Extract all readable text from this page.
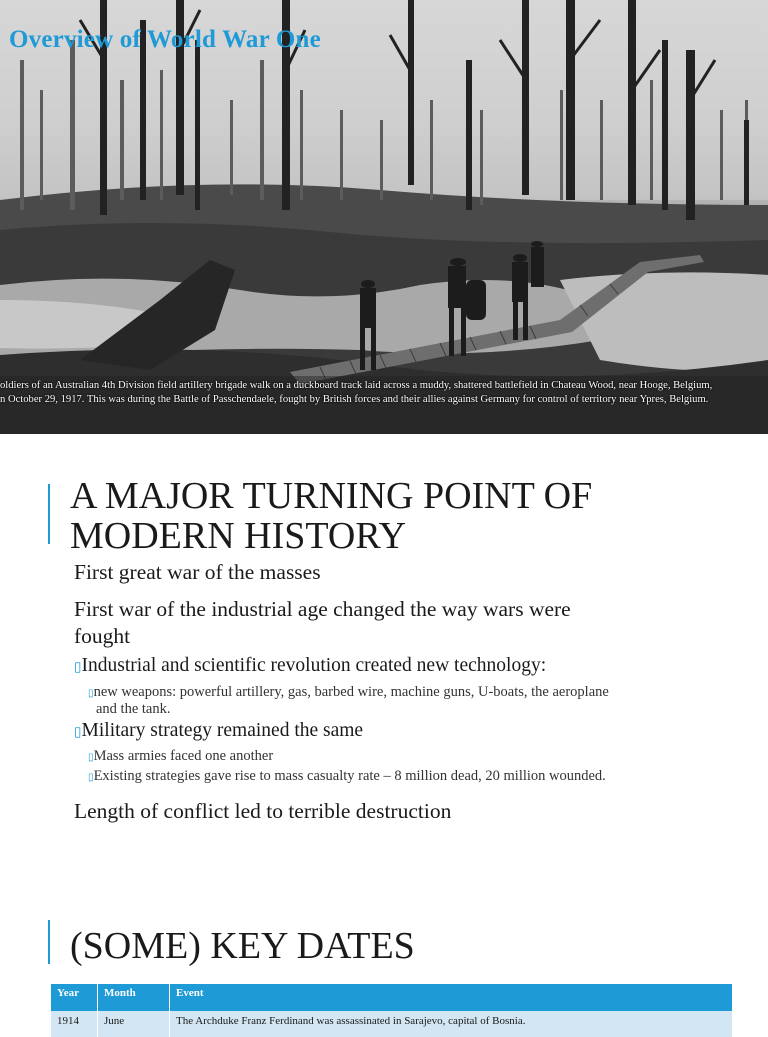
Overview of World War One
oldiers of an Australian 4th Division field artillery brigade walk on a duckboard track laid across a muddy, shattered battlefield in Chateau Wood, near Hooge, Belgium,
n October 29, 1917. This was during the Battle of Passchendaele, fought by British forces and their allies against Germany for control of territory near Ypres, Belgium.
A MAJOR TURNING POINT OF
MODERN HISTORY
First great war of the masses
First war of the industrial age changed the way wars were
fought
▯Industrial and scientific revolution created new technology:
▯new weapons: powerful artillery, gas, barbed wire, machine guns, U-boats, the aeroplane
and the tank.
▯Military strategy remained the same
▯Mass armies faced one another
▯Existing strategies gave rise to mass casualty rate – 8 million dead, 20 million wounded.
Length of conflict led to terrible destruction
(SOME) KEY DATES
Year	Month	Event
1914	June	The Archduke Franz Ferdinand was assassinated in Sarajevo, capital of Bosnia.
